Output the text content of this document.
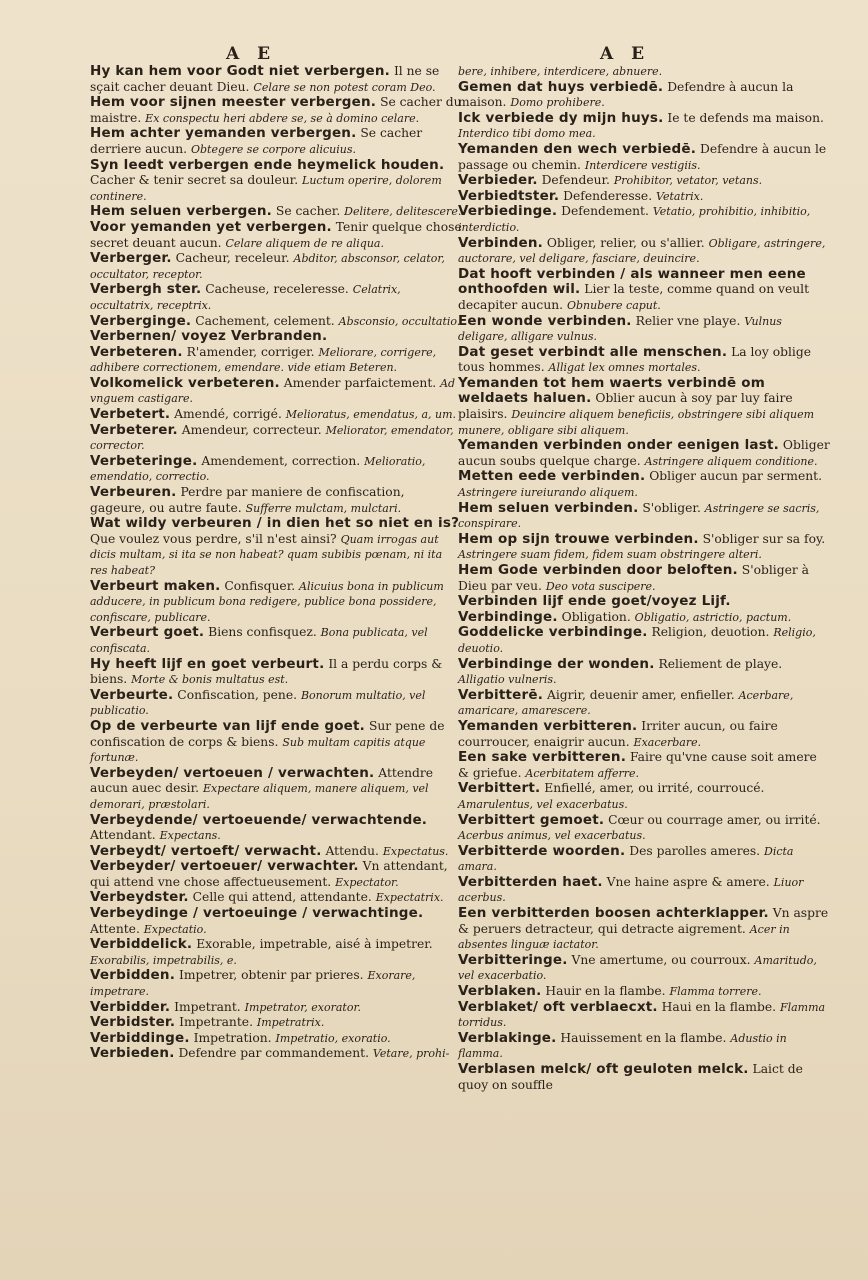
A E	A E

Hy kan hem voor Godt niet verbergen. Il ne se sçait cacher deuant Dieu. Celare se non potest coram Deo.

Hem voor sijnen meester verbergen. Se cacher du maistre. Ex conspectu heri abdere se, se à domino celare.

Hem achter yemanden verbergen. Se cacher derriere aucun. Obtegere se corpore alicuius.

Syn leedt verbergen ende heymelick houden. Cacher & tenir secret sa douleur. Luctum operire, dolorem continere.

Hem seluen verbergen. Se cacher. Delitere, delitescere.

Voor yemanden yet verbergen. Tenir quelque chose secret deuant aucun. Celare aliquem de re aliqua.

Verberger. Cacheur, receleur. Abditor, absconsor, celator, occultator, receptor.

Verbergh ster. Cacheuse, receleresse. Celatrix, occultatrix, receptrix.

Verberginge. Cachement, celement. Absconsio, occultatio.

Verbernen/ voyez Verbranden.

Verbeteren. R'amender, corriger. Meliorare, corrigere, adhibere correctionem, emendare. vide etiam Beteren.

Volkomelick verbeteren. Amender parfaictement. Ad vnguem castigare.

Verbetert. Amendé, corrigé. Melioratus, emendatus, a, um.

Verbeterer. Amendeur, correcteur. Meliorator, emendator, corrector.

Verbeteringe. Amendement, correction. Melioratio, emendatio, correctio.

Verbeuren. Perdre par maniere de confiscation, gageure, ou autre faute. Sufferre mulctam, mulctari.

Wat wildy verbeuren / in dien het so niet en is? Que voulez vous perdre, s'il n'est ainsi? Quam irrogas aut dicis multam, si ita se non habeat? quam subibis pœnam, ni ita res habeat?

Verbeurt maken. Confisquer. Alicuius bona in publicum adducere, in publicum bona redigere, publice bona possidere, confiscare, publicare.

Verbeurt goet. Biens confisquez. Bona publicata, vel confiscata.

Hy heeft lijf en goet verbeurt. Il a perdu corps & biens. Morte & bonis multatus est.

Verbeurte. Confiscation, pene. Bonorum multatio, vel publicatio.

Op de verbeurte van lijf ende goet. Sur pene de confiscation de corps & biens. Sub multam capitis atque fortunæ.

Verbeyden/ vertoeuen / verwachten. Attendre aucun auec desir. Expectare aliquem, manere aliquem, vel demorari, præstolari.

Verbeydende/ vertoeuende/ verwachtende. Attendant. Expectans.

Verbeydt/ vertoeft/ verwacht. Attendu. Expectatus.

Verbeyder/ vertoeuer/ verwachter. Vn attendant, qui attend vne chose affectueusement. Expectator.

Verbeydster. Celle qui attend, attendante. Expectatrix.

Verbeydinge / vertoeuinge / verwachtinge. Attente. Expectatio.

Verbiddelick. Exorable, impetrable, aisé à impetrer. Exorabilis, impetrabilis, e.

Verbidden. Impetrer, obtenir par prieres. Exorare, impetrare.

Verbidder. Impetrant. Impetrator, exorator.

Verbidster. Impetrante. Impetratrix.

Verbiddinge. Impetration. Impetratio, exoratio.

Verbieden. Defendre par commandement. Vetare, prohi-

bere, inhibere, interdicere, abnuere.

Gemen dat huys verbiedē. Defendre à aucun la maison. Domo prohibere.

Ick verbiede dy mijn huys. Ie te defends ma maison. Interdico tibi domo mea.

Yemanden den wech verbiedē. Defendre à aucun le passage ou chemin. Interdicere vestigiis.

Verbieder. Defendeur. Prohibitor, vetator, vetans.

Verbiedtster. Defenderesse. Vetatrix.

Verbiedinge. Defendement. Vetatio, prohibitio, inhibitio, interdictio.

Verbinden. Obliger, relier, ou s'allier. Obligare, astringere, auctorare, vel deligare, fasciare, deuincire.

Dat hooft verbinden / als wanneer men eene onthoofden wil. Lier la teste, comme quand on veult decapiter aucun. Obnubere caput.

Een wonde verbinden. Relier vne playe. Vulnus deligare, alligare vulnus.

Dat geset verbindt alle menschen. La loy oblige tous hommes. Alligat lex omnes mortales.

Yemanden tot hem waerts verbindē om weldaets haluen. Oblier aucun à soy par luy faire plaisirs. Deuincire aliquem beneficiis, obstringere sibi aliquem munere, obligare sibi aliquem.

Yemanden verbinden onder eenigen last. Obliger aucun soubs quelque charge. Astringere aliquem conditione.

Metten eede verbinden. Obliger aucun par serment. Astringere iureiurando aliquem.

Hem seluen verbinden. S'obliger. Astringere se sacris, conspirare.

Hem op sijn trouwe verbinden. S'obliger sur sa foy. Astringere suam fidem, fidem suam obstringere alteri.

Hem Gode verbinden door beloften. S'obliger à Dieu par veu. Deo vota suscipere.

Verbinden lijf ende goet/voyez Lijf.

Verbindinge. Obligation. Obligatio, astrictio, pactum.

Goddelicke verbindinge. Religion, deuotion. Religio, deuotio.

Verbindinge der wonden. Reliement de playe. Alligatio vulneris.

Verbitterē. Aigrir, deuenir amer, enfieller. Acerbare, amaricare, amarescere.

Yemanden verbitteren. Irriter aucun, ou faire courroucer, enaigrir aucun. Exacerbare.

Een sake verbitteren. Faire qu'vne cause soit amere & griefue. Acerbitatem afferre.

Verbittert. Enfiellé, amer, ou irrité, courroucé. Amarulentus, vel exacerbatus.

Verbittert gemoet. Cœur ou courrage amer, ou irrité. Acerbus animus, vel exacerbatus.

Verbitterde woorden. Des parolles ameres. Dicta amara.

Verbitterden haet. Vne haine aspre & amere. Liuor acerbus.

Een verbitterden boosen achterklapper. Vn aspre & peruers detracteur, qui detracte aigrement. Acer in absentes linguæ iactator.

Verbitteringe. Vne amertume, ou courroux. Amaritudo, vel exacerbatio.

Verblaken. Hauir en la flambe. Flamma torrere.

Verblaket/ oft verblaecxt. Haui en la flambe. Flamma torridus.

Verblakinge. Hauissement en la flambe. Adustio in flamma.

Verblasen melck/ oft geuloten melck. Laict de quoy on souffle
